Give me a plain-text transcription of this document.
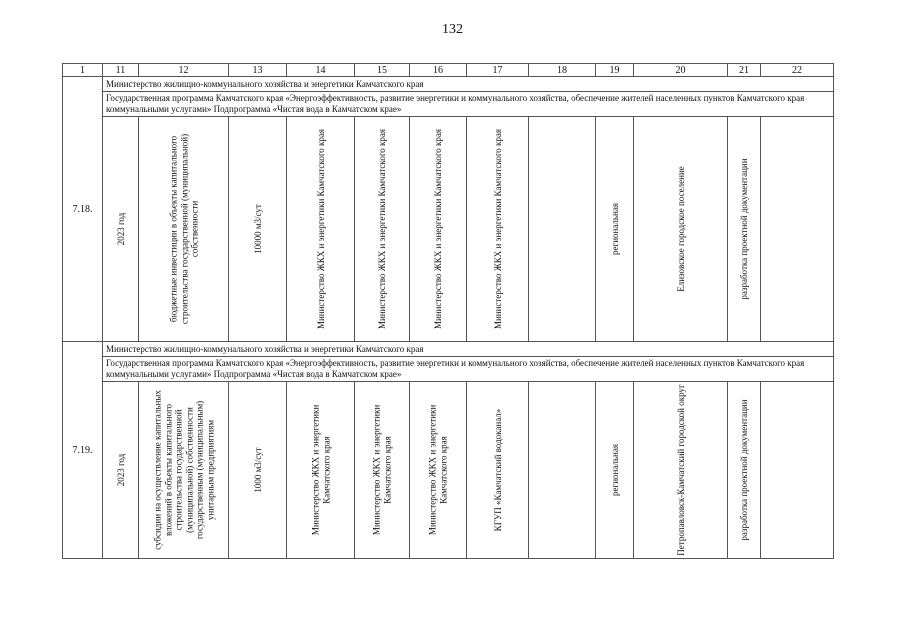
132
1	11	12	13	14	15	16	17	18	19	20	21	22
7.18.	Министерство жилищно-коммунального хозяйства и энергетики Камчатского края											
	Государственная программа Камчатского края «Энергоэффективность, развитие энергетики и коммунального хозяйства, обеспечение жителей населенных пунктов Камчатского края коммунальными услугами» Подпрограмма «Чистая вода в Камчатском крае»											

	2023 год	бюджетные инвестиции в объекты капитального строительства государственной (муниципальной) собственности	10000 м3/сут	Министерство ЖКХ и энергетики Камчатского края	Министерство ЖКХ и энергетики Камчатского края	Министерство ЖКХ и энергетики Камчатского края	Министерство ЖКХ и энергетики Камчатского края		региональная	Елизовское городское поселение	разработка проектной документации	

7.19.	Министерство жилищно-коммунального хозяйства и энергетики Камчатского края											
	Государственная программа Камчатского края «Энергоэффективность, развитие энергетики и коммунального хозяйства, обеспечение жителей населенных пунктов Камчатского края коммунальными услугами» Подпрограмма «Чистая вода в Камчатском крае»											

	2023 год	субсидии на осуществление капитальных вложений в объекты капитального строительства государственной (муниципальной) собственности государственным (муниципальным) унитарным предприятиям	1000 м3/сут	Министерство ЖКХ и энергетики Камчатского края	Министерство ЖКХ и энергетики Камчатского края	Министерство ЖКХ и энергетики Камчатского края	КГУП «Камчатский водоканал»		региональная	Петропавловск-Камчатский городской округ	разработка проектной документации	
